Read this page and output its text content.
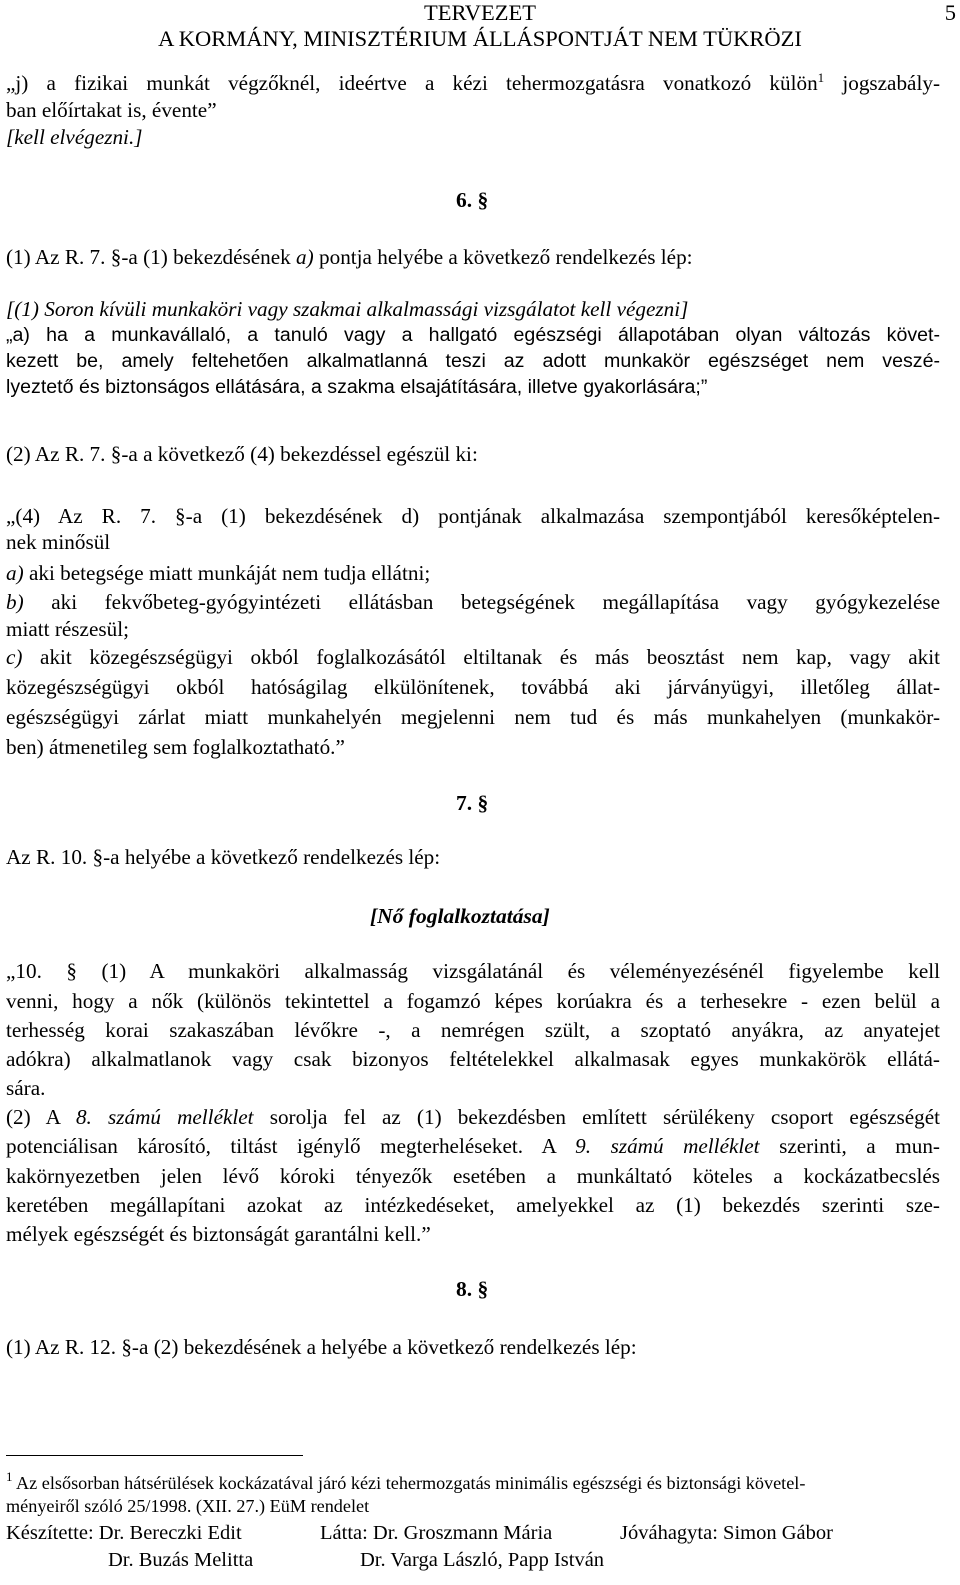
TERVEZET
A KORMÁNY, MINISZTÉRIUM ÁLLÁSPONTJÁT NEM TÜKRÖZI
5
„j) a fizikai munkát végzőknél, ideértve a kézi tehermozgatásra vonatkozó külön$^1$ jogszabály-
ban előírtakat is, évente”
[kell elvégezni.]
6. §
(1) Az R. 7. §-a (1) bekezdésének a) pontja helyébe a következő rendelkezés lép:
[(1) Soron kívüli munkaköri vagy szakmai alkalmassági vizsgálatot kell végezni]
„a) ha a munkavállaló, a tanuló vagy a hallgató egészségi állapotában olyan változás követ-
kezett be, amely feltehetően alkalmatlanná teszi az adott munkakör egészséget nem veszé-
lyeztető és biztonságos ellátására, a szakma elsajátítására, illetve gyakorlására;”
(2) Az R. 7. §-a a következő (4) bekezdéssel egészül ki:
„(4) Az R. 7. §-a (1) bekezdésének d) pontjának alkalmazása szempontjából keresőképtelen-
nek minősül
a) aki betegsége miatt munkáját nem tudja ellátni;
b) aki fekvőbeteg-gyógyintézeti ellátásban betegségének megállapítása vagy gyógykezelése
miatt részesül;
c) akit közegészségügyi okból foglalkozásától eltiltanak és más beosztást nem kap, vagy akit
közegészségügyi okból hatóságilag elkülönítenek, továbbá aki járványügyi, illetőleg állat-
egészségügyi zárlat miatt munkahelyén megjelenni nem tud és más munkahelyen (munkakör-
ben) átmenetileg sem foglalkoztatható.”
7. §
Az R. 10. §-a helyébe a következő rendelkezés lép:
[Nő foglalkoztatása]
„10. § (1) A munkaköri alkalmasság vizsgálatánál és véleményezésénél figyelembe kell
venni, hogy a nők (különös tekintettel a fogamzó képes korúakra és a terhesekre - ezen belül a
terhesség korai szakaszában lévőkre -, a nemrégen szült, a szoptató anyákra, az anyatejet
adókra) alkalmatlanok vagy csak bizonyos feltételekkel alkalmasak egyes munkakörök ellátá-
sára.
(2) A 8. számú melléklet sorolja fel az (1) bekezdésben említett sérülékeny csoport egészségét
potenciálisan károsító, tiltást igénylő megterheléseket. A 9. számú melléklet szerinti, a mun-
kakörnyezetben jelen lévő kóroki tényezők esetében a munkáltató köteles a kockázatbecslés
keretében megállapítani azokat az intézkedéseket, amelyekkel az (1) bekezdés szerinti sze-
mélyek egészségét és biztonságát garantálni kell.”
8. §
(1) Az R. 12. §-a (2) bekezdésének a helyébe a következő rendelkezés lép:
$^1$ Az elsősorban hátsérülések kockázatával járó kézi tehermozgatás minimális egészségi és biztonsági követel-
ményeiről szóló 25/1998. (XII. 27.) EüM rendelet
Készítette: Dr. Bereczki Edit
Dr. Buzás Melitta
Látta: Dr. Groszmann Mária
Dr. Varga László, Papp István
Jóváhagyta: Simon Gábor
